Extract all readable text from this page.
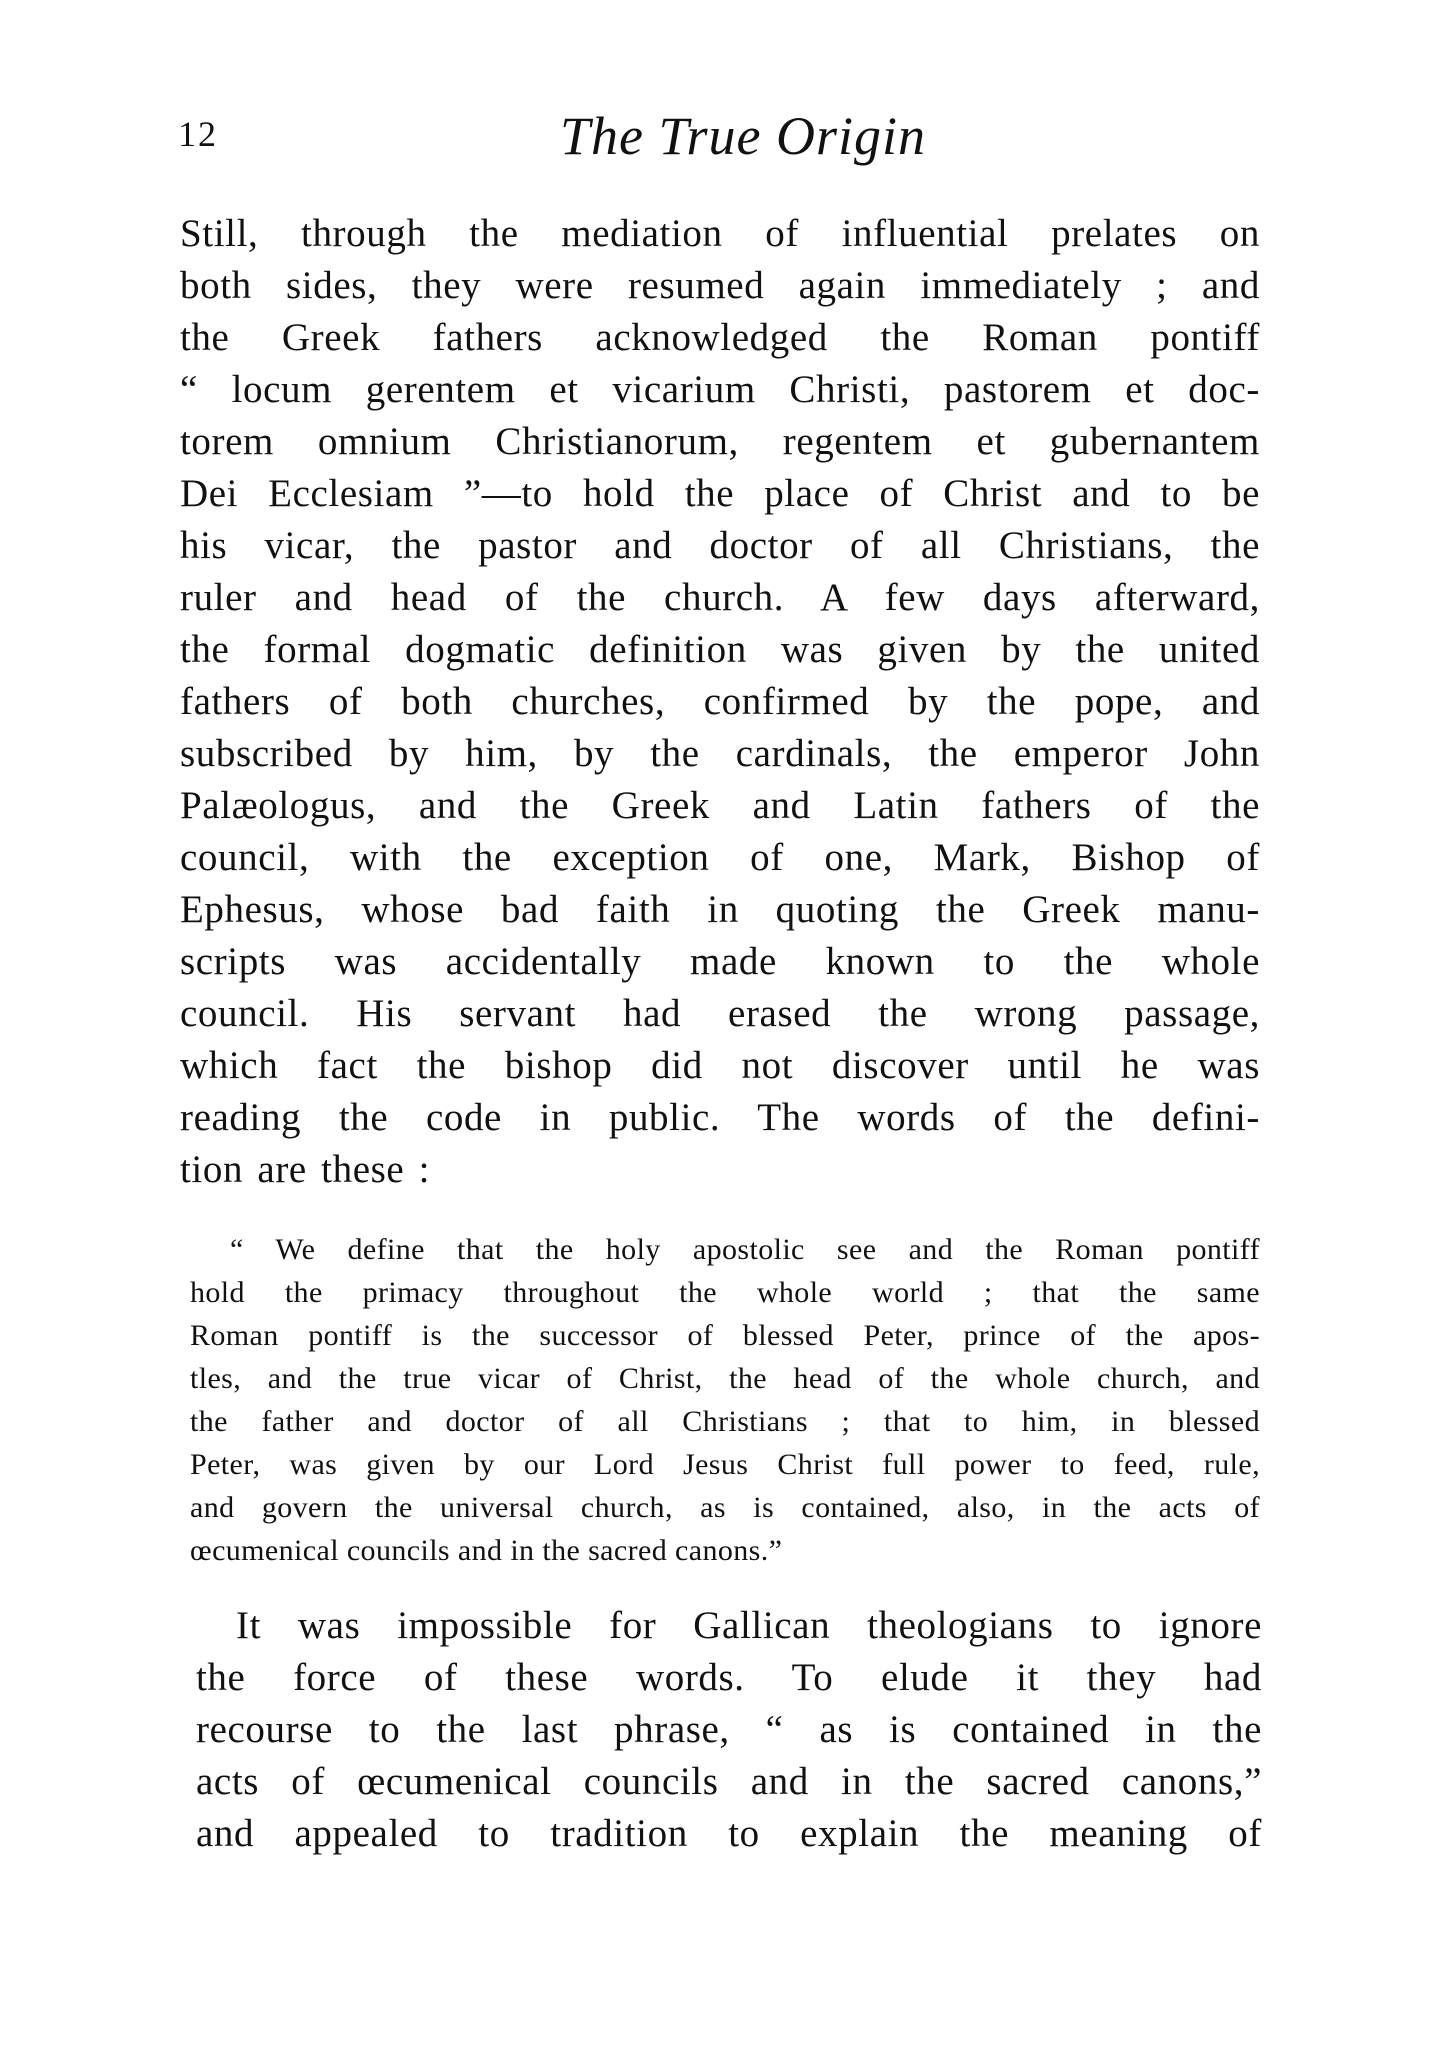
12	The True Origin

Still, through the mediation of influential prelates on
both sides, they were resumed again immediately ; and
the Greek fathers acknowledged the Roman pontiff
“ locum gerentem et vicarium Christi, pastorem et doc-
torem omnium Christianorum, regentem et gubernantem
Dei Ecclesiam ”—to hold the place of Christ and to be
his vicar, the pastor and doctor of all Christians, the
ruler and head of the church. A few days afterward,
the formal dogmatic definition was given by the united
fathers of both churches, confirmed by the pope, and
subscribed by him, by the cardinals, the emperor John
Palæologus, and the Greek and Latin fathers of the
council, with the exception of one, Mark, Bishop of
Ephesus, whose bad faith in quoting the Greek manu-
scripts was accidentally made known to the whole
council. His servant had erased the wrong passage,
which fact the bishop did not discover until he was
reading the code in public. The words of the defini-
tion are these :

“ We define that the holy apostolic see and the Roman pontiff
hold the primacy throughout the whole world ; that the same
Roman pontiff is the successor of blessed Peter, prince of the apos-
tles, and the true vicar of Christ, the head of the whole church, and
the father and doctor of all Christians ; that to him, in blessed
Peter, was given by our Lord Jesus Christ full power to feed, rule,
and govern the universal church, as is contained, also, in the acts of
œcumenical councils and in the sacred canons.”
It was impossible for Gallican theologians to ignore
the force of these words. To elude it they had
recourse to the last phrase, “ as is contained in the
acts of œcumenical councils and in the sacred canons,”
and appealed to tradition to explain the meaning of
